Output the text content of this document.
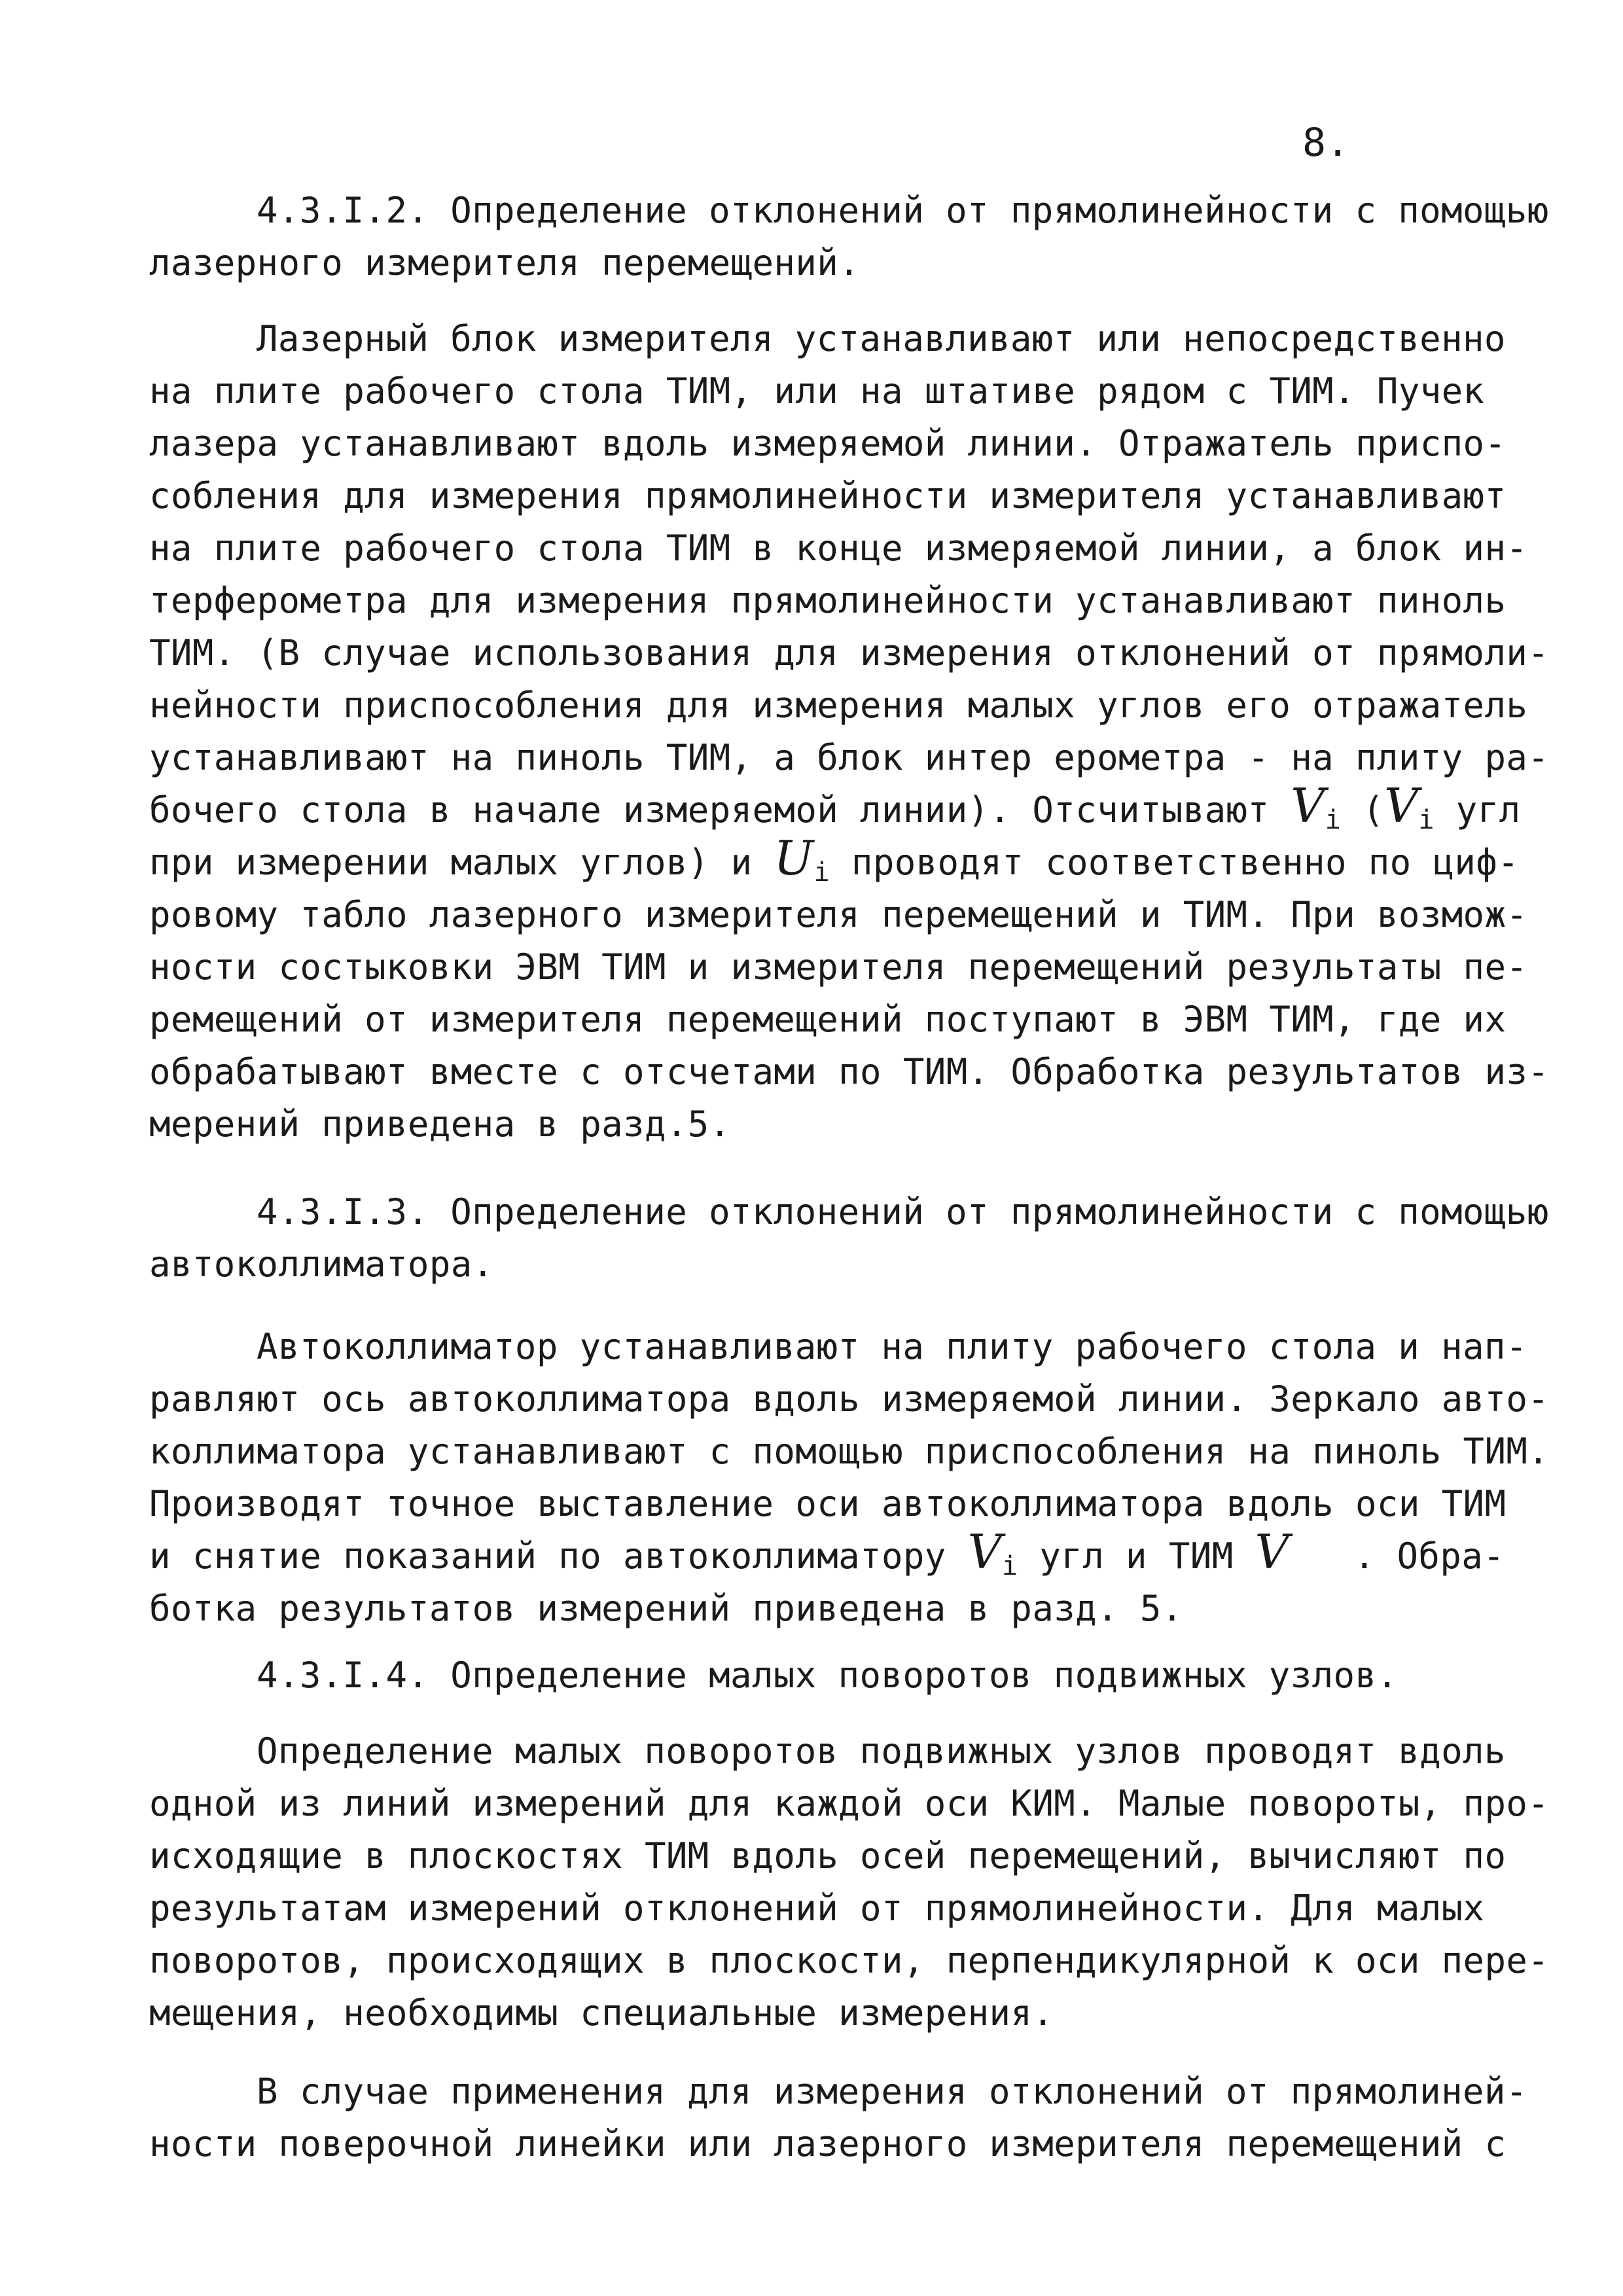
8.
4.3.I.2. Определение отклонений от прямолинейности с помощью
лазерного измерителя перемещений.
Лазерный блок измерителя устанавливают или непосредственно
на плите рабочего стола ТИМ, или на штативе рядом с ТИМ. Пучек
лазера устанавливают вдоль измеряемой линии. Отражатель приспо-
собления для измерения прямолинейности измерителя устанавливают
на плите рабочего стола ТИМ в конце измеряемой линии, а блок ин-
терферометра для измерения прямолинейности устанавливают пиноль
ТИМ. (В случае использования для измерения отклонений от прямоли-
нейности приспособления для измерения малых углов его отражатель
устанавливают на пиноль ТИМ, а блок интер ерометра - на плиту ра-
бочего стола в начале измеряемой линии). Отсчитывают $V_i$ ($V_i$ угл
при измерении малых углов) и $U_i$ проводят соответственно по циф-
ровому табло лазерного измерителя перемещений и ТИМ. При возмож-
ности состыковки ЭВМ ТИМ и измерителя перемещений результаты пе-
ремещений от измерителя перемещений поступают в ЭВМ ТИМ, где их
обрабатывают вместе с отсчетами по ТИМ. Обработка результатов из-
мерений приведена в разд.5.
4.3.I.3. Определение отклонений от прямолинейности с помощью
автоколлиматора.
Автоколлиматор устанавливают на плиту рабочего стола и нап-
равляют ось автоколлиматора вдоль измеряемой линии. Зеркало авто-
коллиматора устанавливают с помощью приспособления на пиноль ТИМ.
Производят точное выставление оси автоколлиматора вдоль оси ТИМ
и снятие показаний по автоколлиматору $V_i$ угл и ТИМ V   . Обра-
ботка результатов измерений приведена в разд. 5.
4.3.I.4. Определение малых поворотов подвижных узлов.
Определение малых поворотов подвижных узлов проводят вдоль
одной из линий измерений для каждой оси КИМ. Малые повороты, про-
исходящие в плоскостях ТИМ вдоль осей перемещений, вычисляют по
результатам измерений отклонений от прямолинейности. Для малых
поворотов, происходящих в плоскости, перпендикулярной к оси пере-
мещения, необходимы специальные измерения.
В случае применения для измерения отклонений от прямолиней-
ности поверочной линейки или лазерного измерителя перемещений с
